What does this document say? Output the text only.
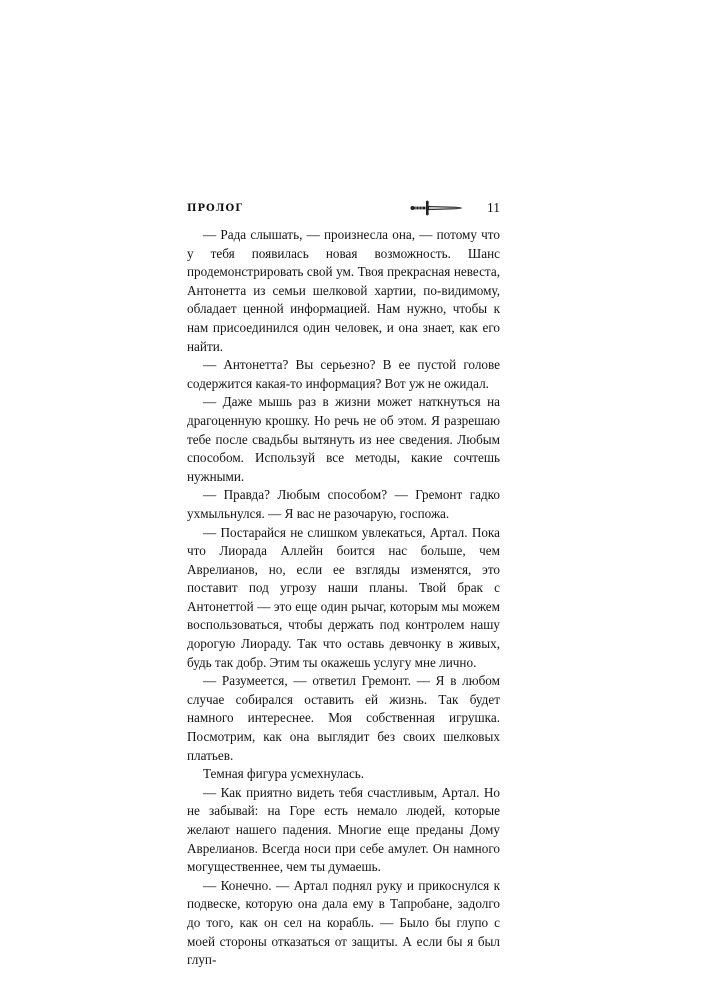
ПРОЛОГ	11

— Рада слышать, — произнесла она, — потому что у тебя появилась новая возможность. Шанс продемонстрировать свой ум. Твоя прекрасная невеста, Антонетта из семьи шелковой хартии, по-видимому, обладает ценной информацией. Нам нужно, чтобы к нам присоединился один человек, и она знает, как его найти.

— Антонетта? Вы серьезно? В ее пустой голове содержится какая-то информация? Вот уж не ожидал.

— Даже мышь раз в жизни может наткнуться на драгоценную крошку. Но речь не об этом. Я разрешаю тебе после свадьбы вытянуть из нее сведения. Любым способом. Используй все методы, какие сочтешь нужными.

— Правда? Любым способом? — Гремонт гадко ухмыльнулся. — Я вас не разочарую, госпожа.

— Постарайся не слишком увлекаться, Артал. Пока что Лиорада Аллейн боится нас больше, чем Аврелианов, но, если ее взгляды изменятся, это поставит под угрозу наши планы. Твой брак с Антонеттой — это еще один рычаг, которым мы можем воспользоваться, чтобы держать под контролем нашу дорогую Лиораду. Так что оставь девчонку в живых, будь так добр. Этим ты окажешь услугу мне лично.

— Разумеется, — ответил Гремонт. — Я в любом случае собирался оставить ей жизнь. Так будет намного интереснее. Моя собственная игрушка. Посмотрим, как она выглядит без своих шелковых платьев.

Темная фигура усмехнулась.

— Как приятно видеть тебя счастливым, Артал. Но не забывай: на Горе есть немало людей, которые желают нашего падения. Многие еще преданы Дому Аврелианов. Всегда носи при себе амулет. Он намного могущественнее, чем ты думаешь.

— Конечно. — Артал поднял руку и прикоснулся к подвеске, которую она дала ему в Тапробане, задолго до того, как он сел на корабль. — Было бы глупо с моей стороны отказаться от защиты. А если бы я был глуп-
